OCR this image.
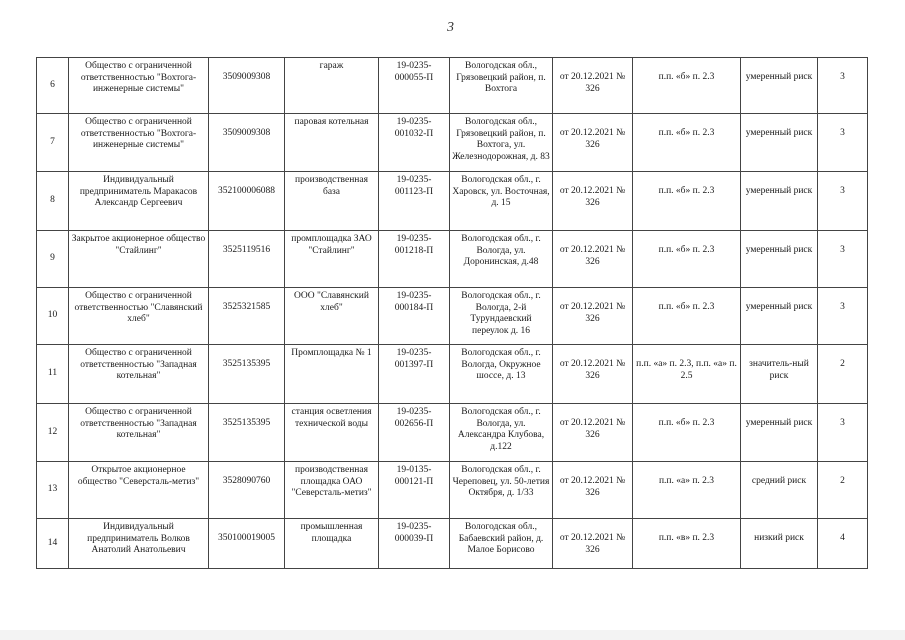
3
6	Общество с ограниченной ответственностью "Вохтога-инженерные системы"	3509009308	гараж	19-0235-000055-П	Вологодская обл., Грязовецкий район, п. Вохтога	от 20.12.2021 № 326	п.п. «б» п. 2.3	умеренный риск	3
7	Общество с ограниченной ответственностью "Вохтога-инженерные системы"	3509009308	паровая котельная	19-0235-001032-П	Вологодская обл., Грязовецкий район, п. Вохтога, ул. Железнодорожная, д. 83	от 20.12.2021 № 326	п.п. «б» п. 2.3	умеренный риск	3
8	Индивидуальный предприниматель Маракасов Александр Сергеевич	352100006088	производственная база	19-0235-001123-П	Вологодская обл., г. Харовск, ул. Восточная, д. 15	от 20.12.2021 № 326	п.п. «б» п. 2.3	умеренный риск	3
9	Закрытое акционерное общество "Стайлинг"	3525119516	промплощадка ЗАО "Стайлинг"	19-0235-001218-П	Вологодская обл., г. Вологда, ул. Доронинская, д.48	от 20.12.2021 № 326	п.п. «б» п. 2.3	умеренный риск	3
10	Общество с ограниченной ответственностью "Славянский хлеб"	3525321585	ООО "Славянский хлеб"	19-0235-000184-П	Вологодская обл., г. Вологда, 2-й Турундаевский переулок д. 16	от 20.12.2021 № 326	п.п. «б» п. 2.3	умеренный риск	3
11	Общество с ограниченной ответственностью "Западная котельная"	3525135395	Промплощадка № 1	19-0235-001397-П	Вологодская обл., г. Вологда, Окружное шоссе, д. 13	от 20.12.2021 № 326	п.п. «а» п. 2.3, п.п. «а» п. 2.5	значитель-ный риск	2
12	Общество с ограниченной ответственностью "Западная котельная"	3525135395	станция осветления технической воды	19-0235-002656-П	Вологодская обл., г. Вологда, ул. Александра Клубова, д.122	от 20.12.2021 № 326	п.п. «б» п. 2.3	умеренный риск	3
13	Открытое акционерное общество "Северсталь-метиз"	3528090760	производственная площадка ОАО "Северсталь-метиз"	19-0135-000121-П	Вологодская обл., г. Череповец, ул. 50-летия Октября, д. 1/33	от 20.12.2021 № 326	п.п. «а» п. 2.3	средний риск	2
14	Индивидуальный предприниматель Волков Анатолий Анатольевич	350100019005	промышленная площадка	19-0235-000039-П	Вологодская обл., Бабаевский район, д. Малое Борисово	от 20.12.2021 № 326	п.п. «в» п. 2.3	низкий риск	4
